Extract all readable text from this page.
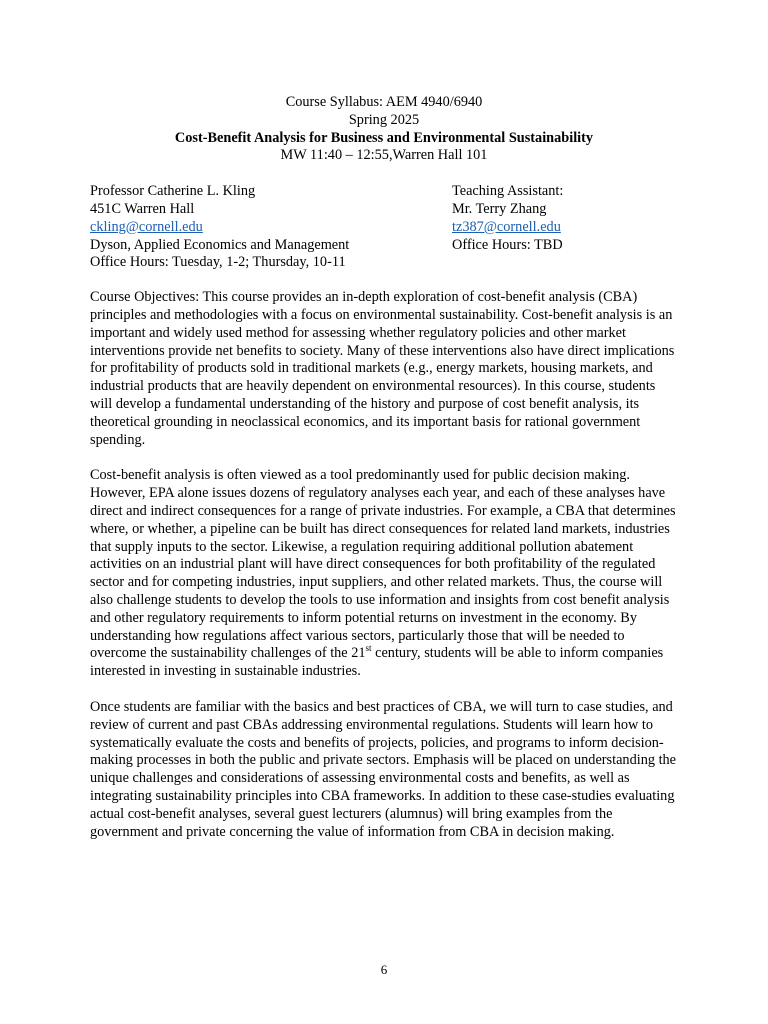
Course Syllabus: AEM 4940/6940
Spring 2025
Cost-Benefit Analysis for Business and Environmental Sustainability
MW 11:40 – 12:55,Warren Hall 101
Professor Catherine L. Kling
451C Warren Hall
ckling@cornell.edu
Dyson, Applied Economics and Management
Office Hours: Tuesday, 1-2; Thursday, 10-11
Teaching Assistant:
Mr. Terry Zhang
tz387@cornell.edu
Office Hours: TBD

Course Objectives: This course provides an in-depth exploration of cost-benefit analysis (CBA) principles and methodologies with a focus on environmental sustainability. Cost-benefit analysis is an important and widely used method for assessing whether regulatory policies and other market interventions provide net benefits to society. Many of these interventions also have direct implications for profitability of products sold in traditional markets (e.g., energy markets, housing markets, and industrial products that are heavily dependent on environmental resources). In this course, students will develop a fundamental understanding of the history and purpose of cost benefit analysis, its theoretical grounding in neoclassical economics, and its important basis for rational government spending.

Cost-benefit analysis is often viewed as a tool predominantly used for public decision making. However, EPA alone issues dozens of regulatory analyses each year, and each of these analyses have direct and indirect consequences for a range of private industries. For example, a CBA that determines where, or whether, a pipeline can be built has direct consequences for related land markets, industries that supply inputs to the sector. Likewise, a regulation requiring additional pollution abatement activities on an industrial plant will have direct consequences for both profitability of the regulated sector and for competing industries, input suppliers, and other related markets. Thus, the course will also challenge students to develop the tools to use information and insights from cost benefit analysis and other regulatory requirements to inform potential returns on investment in the economy. By understanding how regulations affect various sectors, particularly those that will be needed to overcome the sustainability challenges of the 21st century, students will be able to inform companies interested in investing in sustainable industries.

Once students are familiar with the basics and best practices of CBA, we will turn to case studies, and review of current and past CBAs addressing environmental regulations. Students will learn how to systematically evaluate the costs and benefits of projects, policies, and programs to inform decision-making processes in both the public and private sectors. Emphasis will be placed on understanding the unique challenges and considerations of assessing environmental costs and benefits, as well as integrating sustainability principles into CBA frameworks. In addition to these case-studies evaluating actual cost-benefit analyses, several guest lecturers (alumnus) will bring examples from the government and private concerning the value of information from CBA in decision making.

6
